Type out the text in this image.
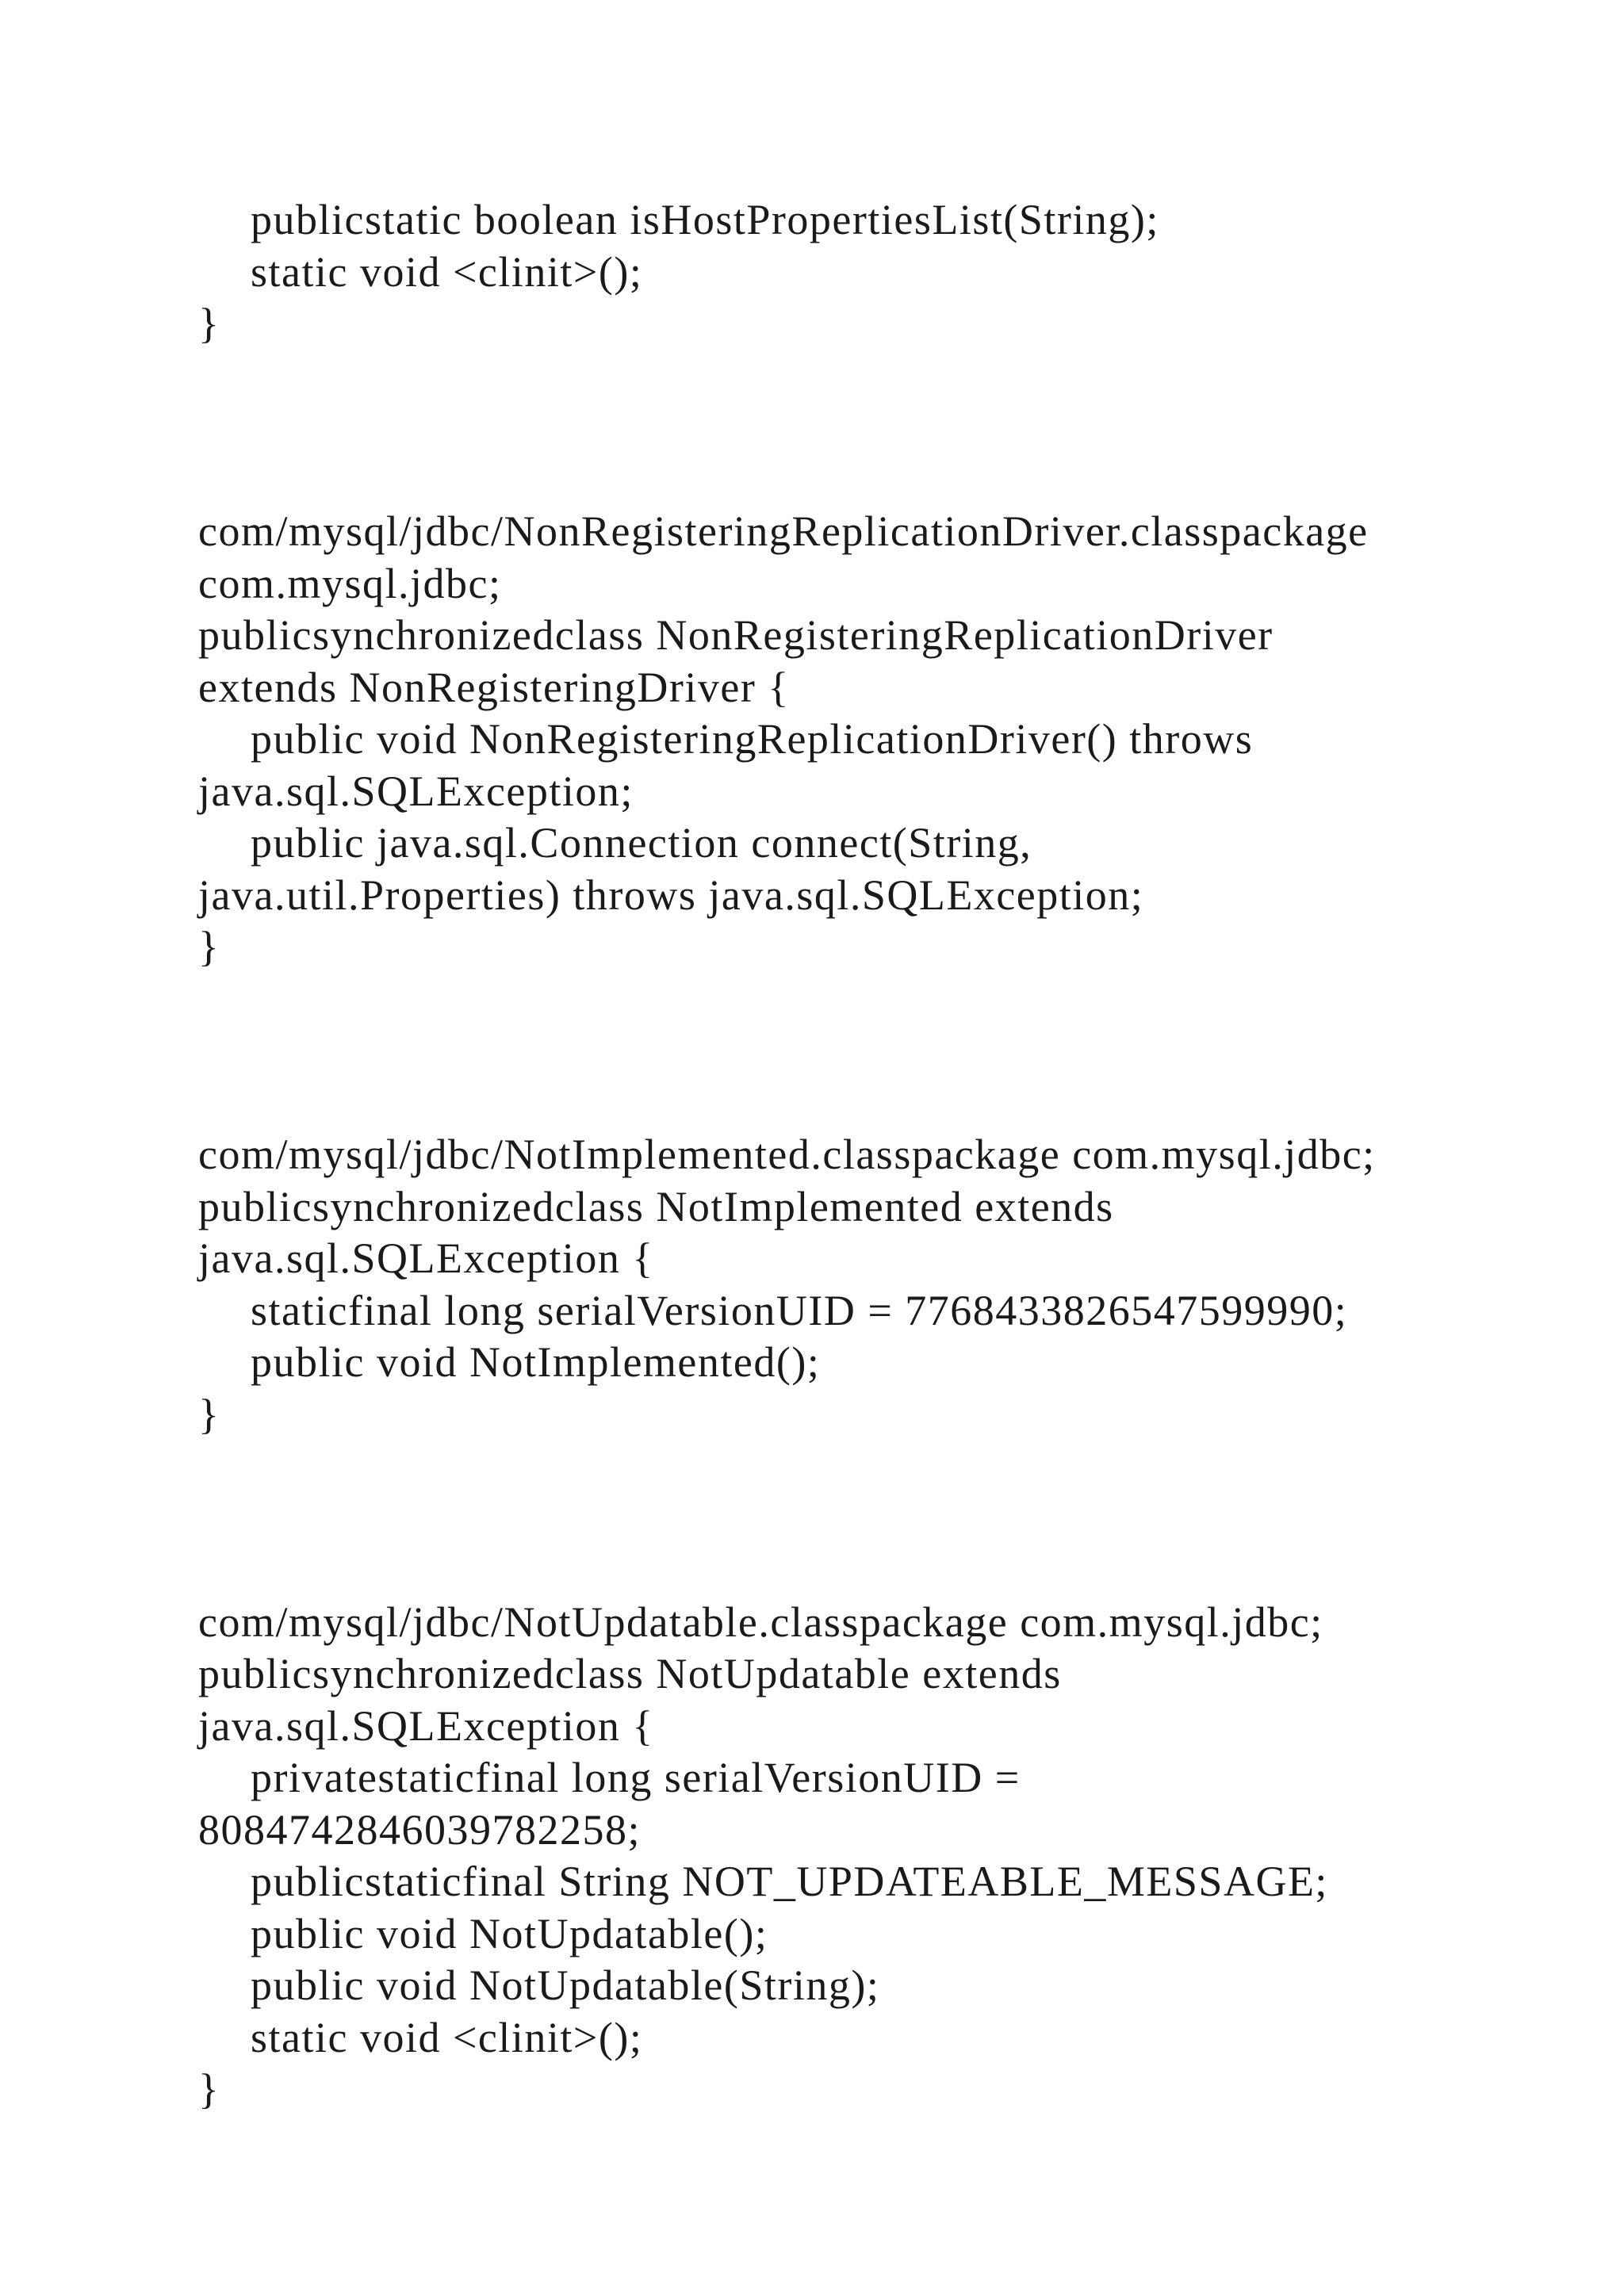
publicstatic boolean isHostPropertiesList(String);
static void <clinit>();
}
com/mysql/jdbc/NonRegisteringReplicationDriver.classpackage
com.mysql.jdbc;
publicsynchronizedclass NonRegisteringReplicationDriver
extends NonRegisteringDriver {
public void NonRegisteringReplicationDriver() throws
java.sql.SQLException;
public java.sql.Connection connect(String,
java.util.Properties) throws java.sql.SQLException;
}
com/mysql/jdbc/NotImplemented.classpackage com.mysql.jdbc;
publicsynchronizedclass NotImplemented extends
java.sql.SQLException {
staticfinal long serialVersionUID = 7768433826547599990;
public void NotImplemented();
}
com/mysql/jdbc/NotUpdatable.classpackage com.mysql.jdbc;
publicsynchronizedclass NotUpdatable extends
java.sql.SQLException {
privatestaticfinal long serialVersionUID =
8084742846039782258;
publicstaticfinal String NOT_UPDATEABLE_MESSAGE;
public void NotUpdatable();
public void NotUpdatable(String);
static void <clinit>();
}
